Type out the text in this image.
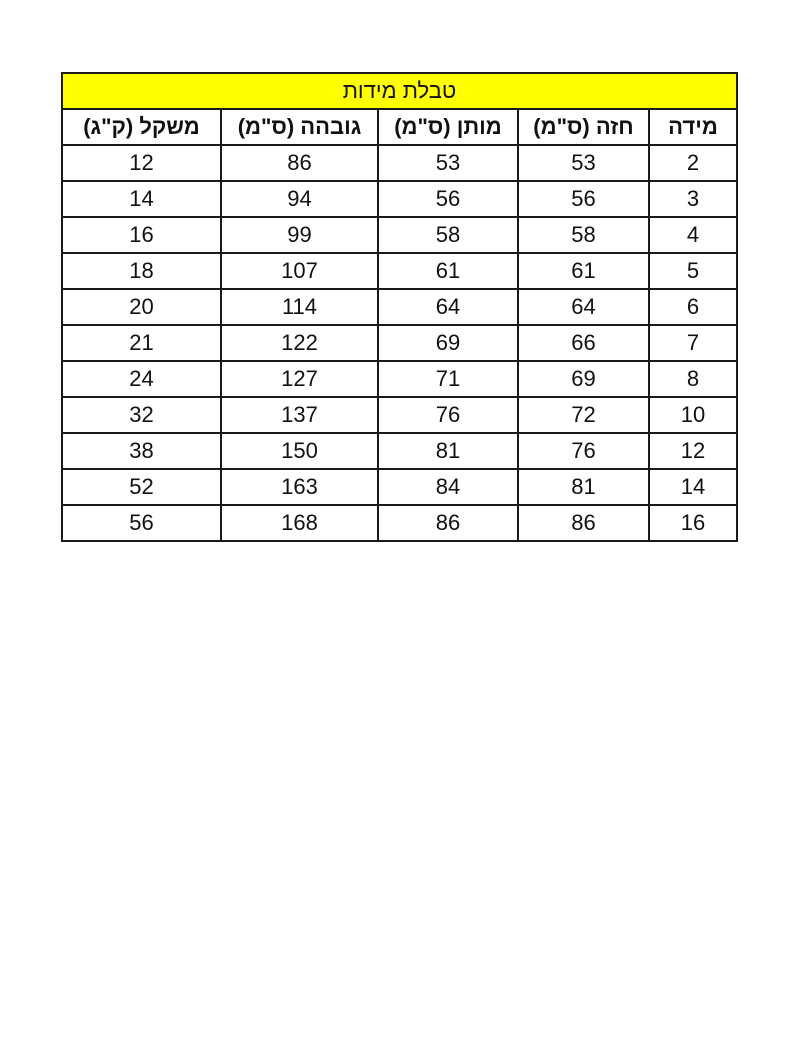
טבלת מידות				
מידה	חזה (ס"מ)	מותן (ס"מ)	גובהה (ס"מ)	משקל (ק"ג)
2	53	53	86	12
3	56	56	94	14
4	58	58	99	16
5	61	61	107	18
6	64	64	114	20
7	66	69	122	21
8	69	71	127	24
10	72	76	137	32
12	76	81	150	38
14	81	84	163	52
16	86	86	168	56
